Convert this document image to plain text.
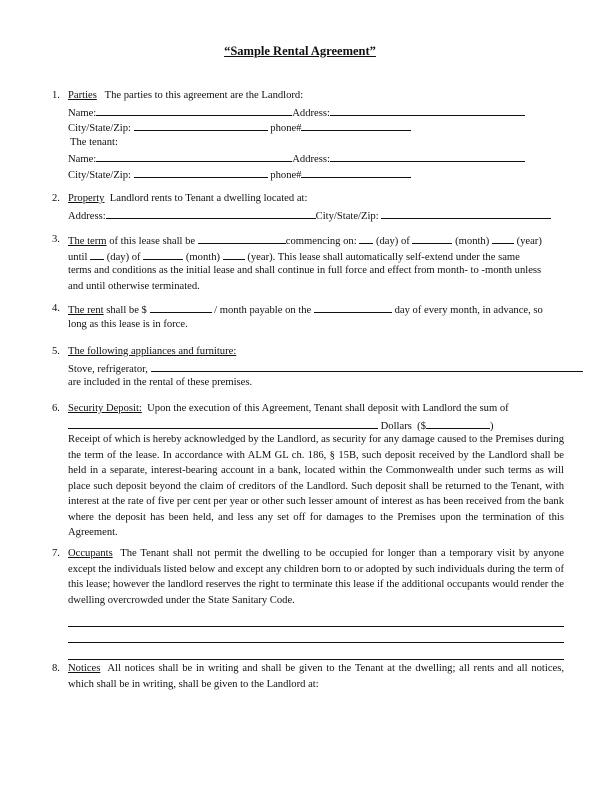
“Sample Rental Agreement”
1. Parties The parties to this agreement are the Landlord:
Name:	Address:
City/State/Zip:	phone#
The tenant:
Name:	Address:
City/State/Zip:	phone#
2. Property Landlord rents to Tenant a dwelling located at:
Address:	City/State/Zip:
3. The term of this lease shall be	commencing on: (day) of	(month)	(year)
until (day) of	(month)	(year). This lease shall automatically self-extend under the same
terms and conditions as the initial lease and shall continue in full force and effect from month- to -month unless
and until otherwise terminated.
4. The rent shall be $	/ month payable on the	day of every month, in advance, so
long as this lease is in force.
5. The following appliances and furniture:
Stove, refrigerator,
are included in the rental of these premises.
6. Security Deposit: Upon the execution of this Agreement, Tenant shall deposit with Landlord the sum of
Dollars ($	)
Receipt of which is hereby acknowledged by the Landlord, as security for any damage caused to the Premises during the term of the lease. In accordance with ALM GL ch. 186, § 15B, such deposit received by the Landlord shall be held in a separate, interest-bearing account in a bank, located within the Commonwealth under such terms as will place such deposit beyond the claim of creditors of the Landlord. Such deposit shall be returned to the Tenant, with interest at the rate of five per cent per year or other such lesser amount of interest as has been received from the bank where the deposit has been held, and less any set off for damages to the Premises upon the termination of this Agreement.
7. Occupants The Tenant shall not permit the dwelling to be occupied for longer than a temporary visit by anyone except the individuals listed below and except any children born to or adopted by such individuals during the term of this lease; however the landlord reserves the right to terminate this lease if the additional occupants would render the dwelling overcrowded under the State Sanitary Code.
8. Notices All notices shall be in writing and shall be given to the Tenant at the dwelling; all rents and all notices, which shall be in writing, shall be given to the Landlord at:
